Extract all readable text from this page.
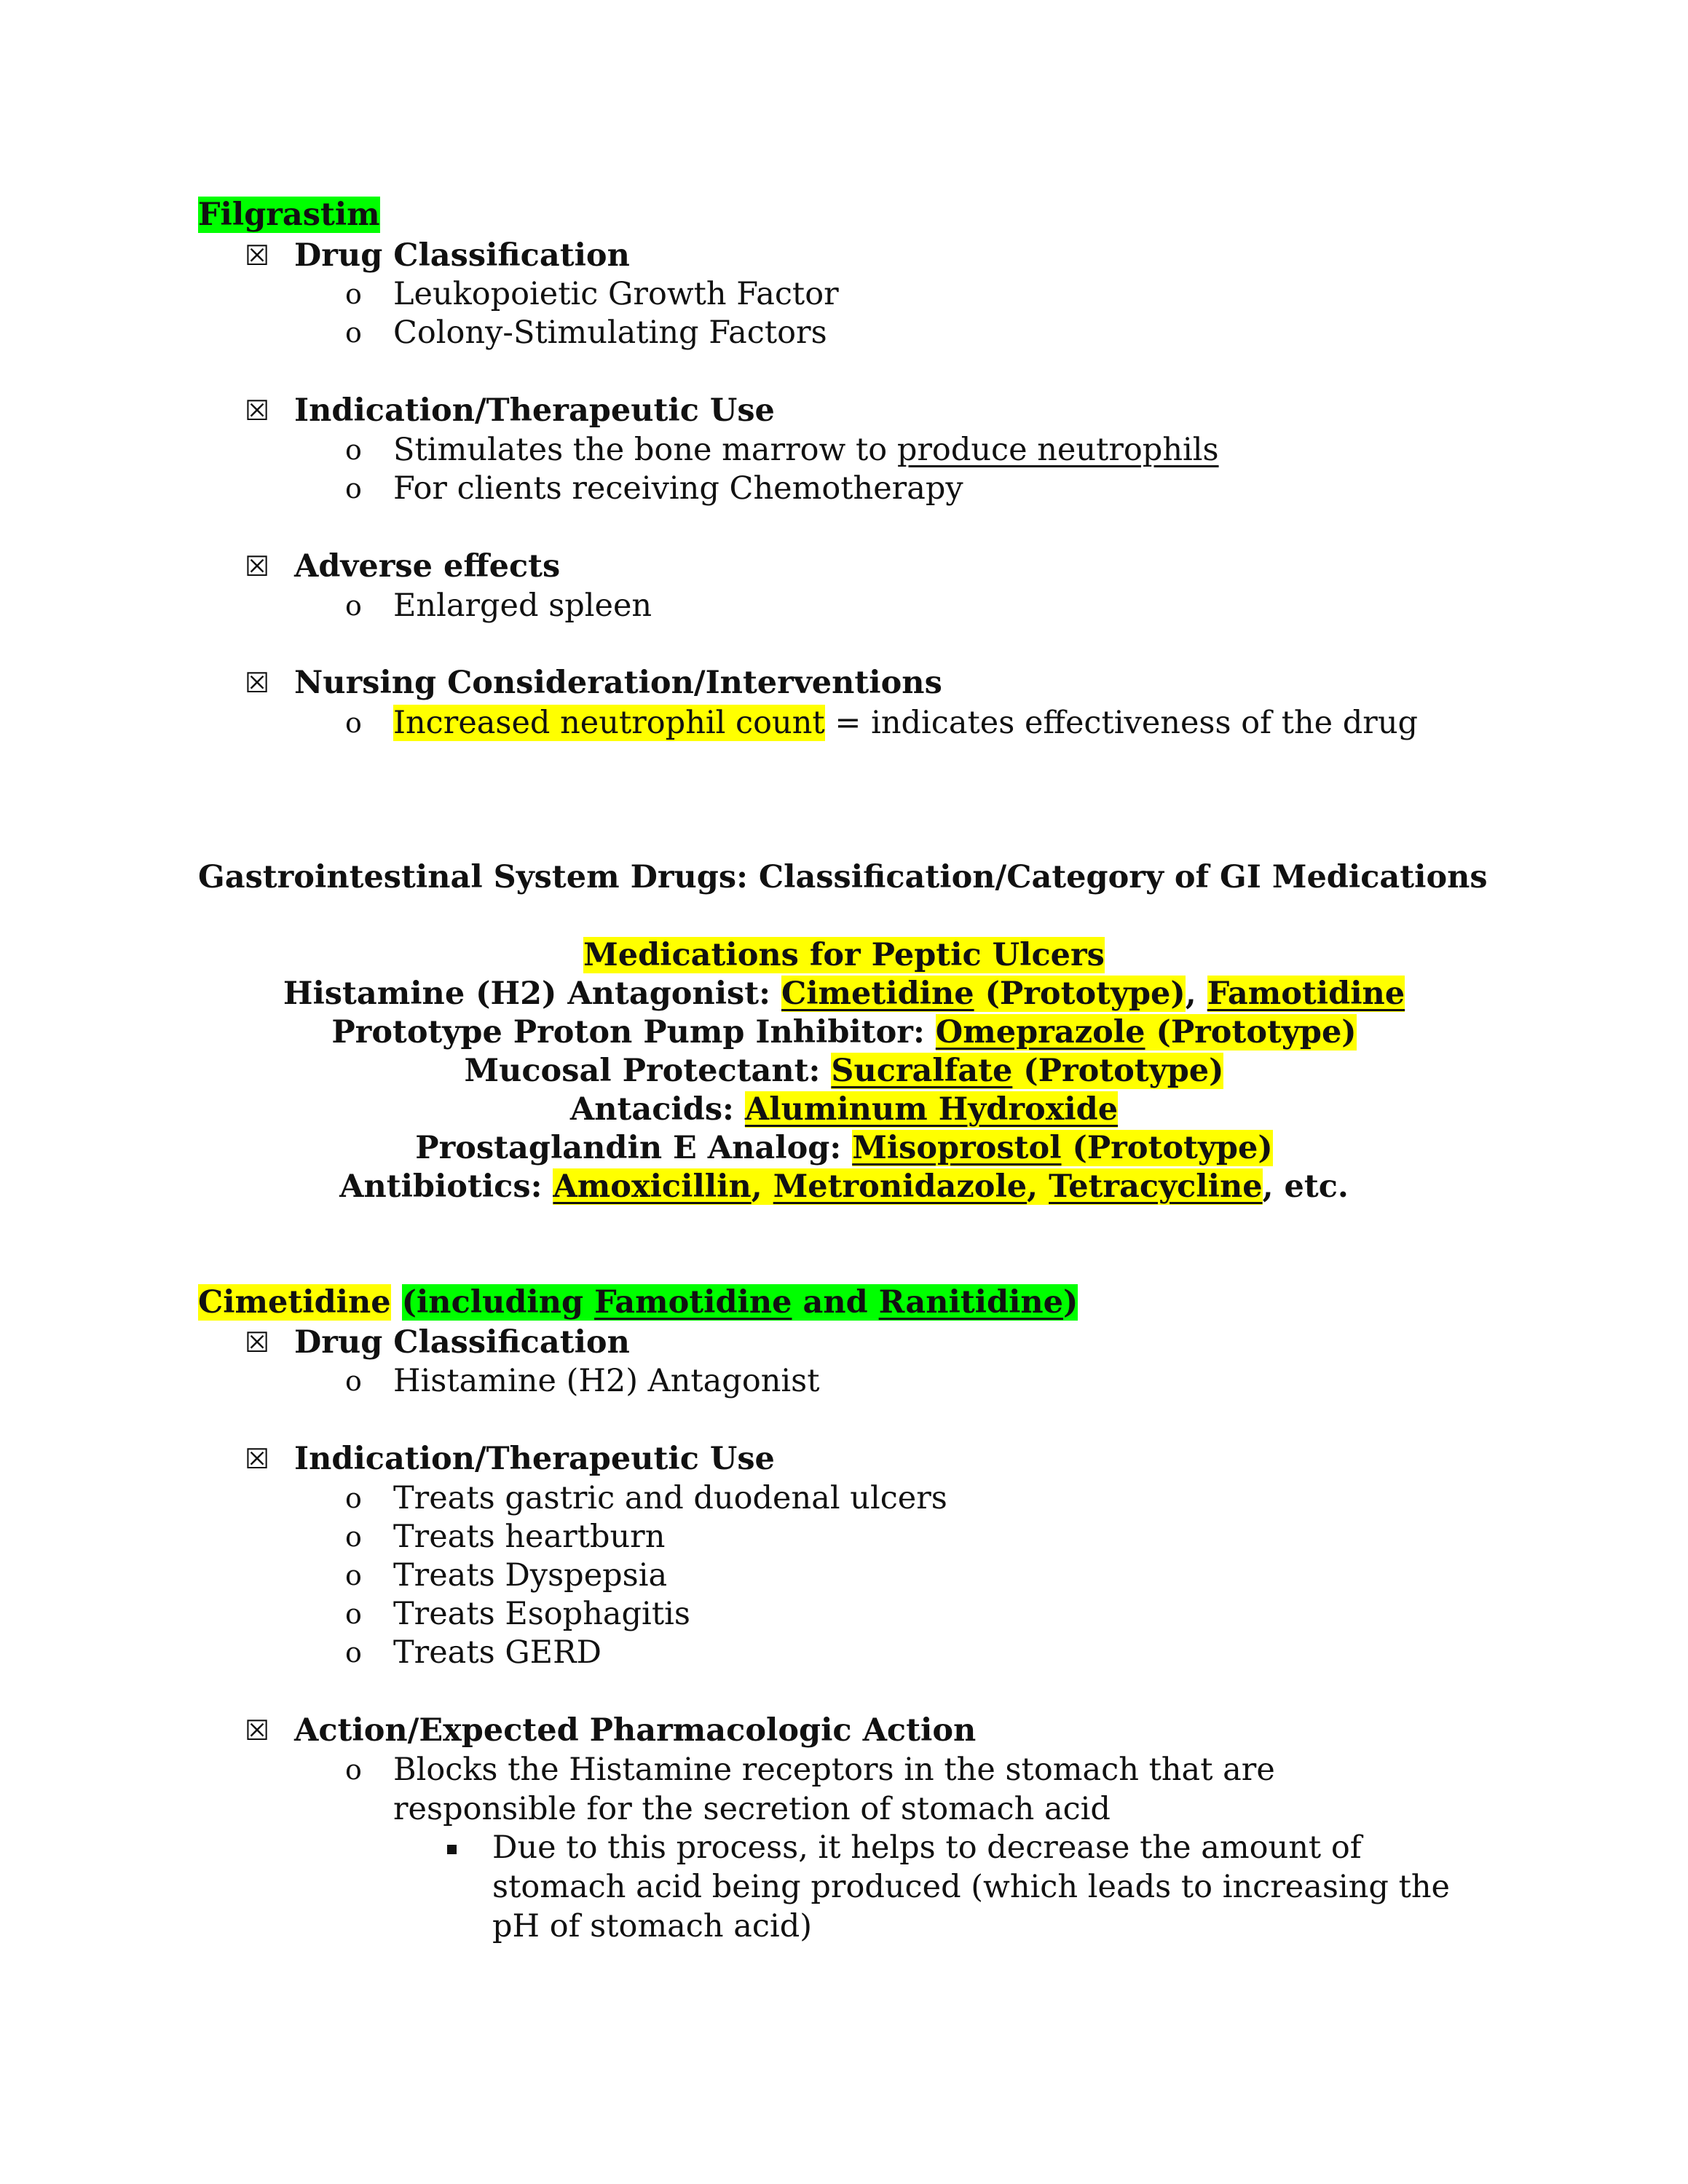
Filgrastim
☒ Drug Classification
o Leukopoietic Growth Factor
o Colony-Stimulating Factors
☒ Indication/Therapeutic Use
o Stimulates the bone marrow to produce neutrophils
o For clients receiving Chemotherapy
☒ Adverse effects
o Enlarged spleen
☒ Nursing Consideration/Interventions
o Increased neutrophil count = indicates effectiveness of the drug
Gastrointestinal System Drugs: Classification/Category of GI Medications
Medications for Peptic Ulcers
Histamine (H2) Antagonist: Cimetidine (Prototype), Famotidine
Prototype Proton Pump Inhibitor: Omeprazole (Prototype)
Mucosal Protectant: Sucralfate (Prototype)
Antacids: Aluminum Hydroxide
Prostaglandin E Analog: Misoprostol (Prototype)
Antibiotics: Amoxicillin, Metronidazole, Tetracycline, etc.
Cimetidine (including Famotidine and Ranitidine)
☒ Drug Classification
o Histamine (H2) Antagonist
☒ Indication/Therapeutic Use
o Treats gastric and duodenal ulcers
o Treats heartburn
o Treats Dyspepsia
o Treats Esophagitis
o Treats GERD
☒ Action/Expected Pharmacologic Action
o Blocks the Histamine receptors in the stomach that are responsible for the secretion of stomach acid
Due to this process, it helps to decrease the amount of stomach acid being produced (which leads to increasing the pH of stomach acid)
